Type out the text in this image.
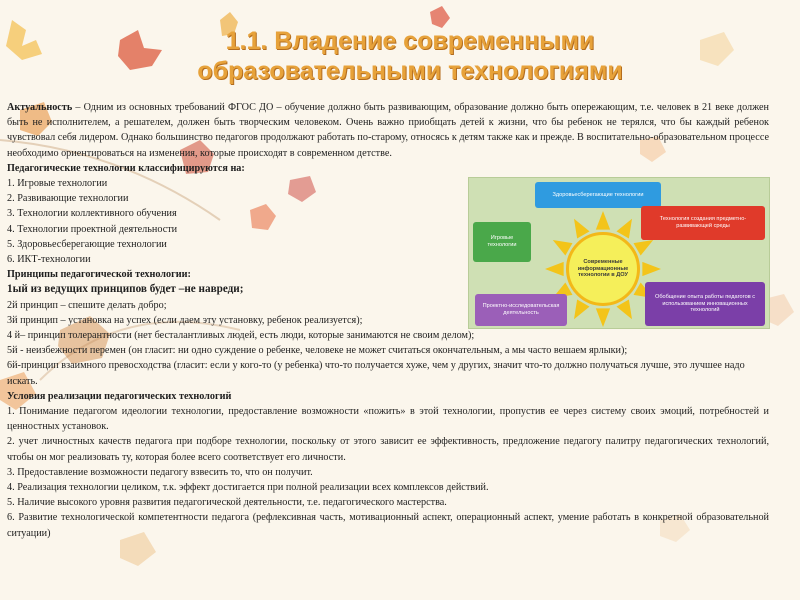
1.1. Владение современными
образовательными технологиями

Актуальность – Одним из основных требований ФГОС ДО – обучение должно быть развивающим, образование должно быть опережающим, т.е. человек в 21 веке должен быть не исполнителем, а решателем, должен быть творческим человеком. Очень важно приобщать детей к жизни, что бы ребенок не терялся, что бы каждый ребенок чувствовал себя лидером. Однако большинство педагогов продолжают работать по-старому, относясь к детям также как и прежде. В воспитательно-образовательном процессе необходимо ориентироваться на изменения, которые происходят в современном детстве.

Педагогические технологии классифицируются на:

1. Игровые технологии

2. Развивающие технологии

3. Технологии коллективного обучения

4. Технологии проектной деятельности

5. Здоровьесберегающие технологии

6. ИКТ-технологии

Принципы педагогической технологии:

1ый из ведущих принципов будет –не навреди;

2й принцип – спешите делать добро;

3й принцип – установка на успех (если даем эту установку, ребенок реализуется);

4 й– принцип толерантности (нет бесталантливых людей, есть люди, которые занимаются не своим делом);

5й - неизбежности перемен (он гласит: ни одно суждение о ребенке, человеке не может считаться окончательным, а мы часто вешаем ярлыки);

6й-принцип взаимного превосходства (гласит: если у кого-то (у ребенка) что-то получается хуже, чем у других, значит что-то должно получаться лучше, это лучшее надо искать.

Условия реализации педагогических технологий

1. Понимание педагогом идеологии технологии, предоставление возможности «пожить» в этой технологии, пропустив ее через систему своих эмоций, потребностей и ценностных установок.

2. учет личностных качеств педагога при подборе технологии, поскольку от этого зависит ее эффективность, предложение педагогу палитру педагогических технологий, чтобы он мог реализовать ту, которая более всего соответствует его личности.

3. Предоставление возможности педагогу взвесить то, что он получит.

4. Реализация технологии целиком, т.к. эффект достигается при полной реализации всех комплексов действий.

5. Наличие высокого уровня развития педагогической деятельности, т.е. педагогического мастерства.

6. Развитие технологической компетентности педагога (рефлексивная часть, мотивационный аспект, операционный аспект, умение работать в конкретной образовательной ситуации)

Современные информационные технологии в ДОУ
Здоровьесберегающие технологии
Игровые технологии
Технология создания предметно-развивающей среды
Проектно-исследовательская деятельность
Обобщение опыта работы педагогов с использованием инновационных технологий
